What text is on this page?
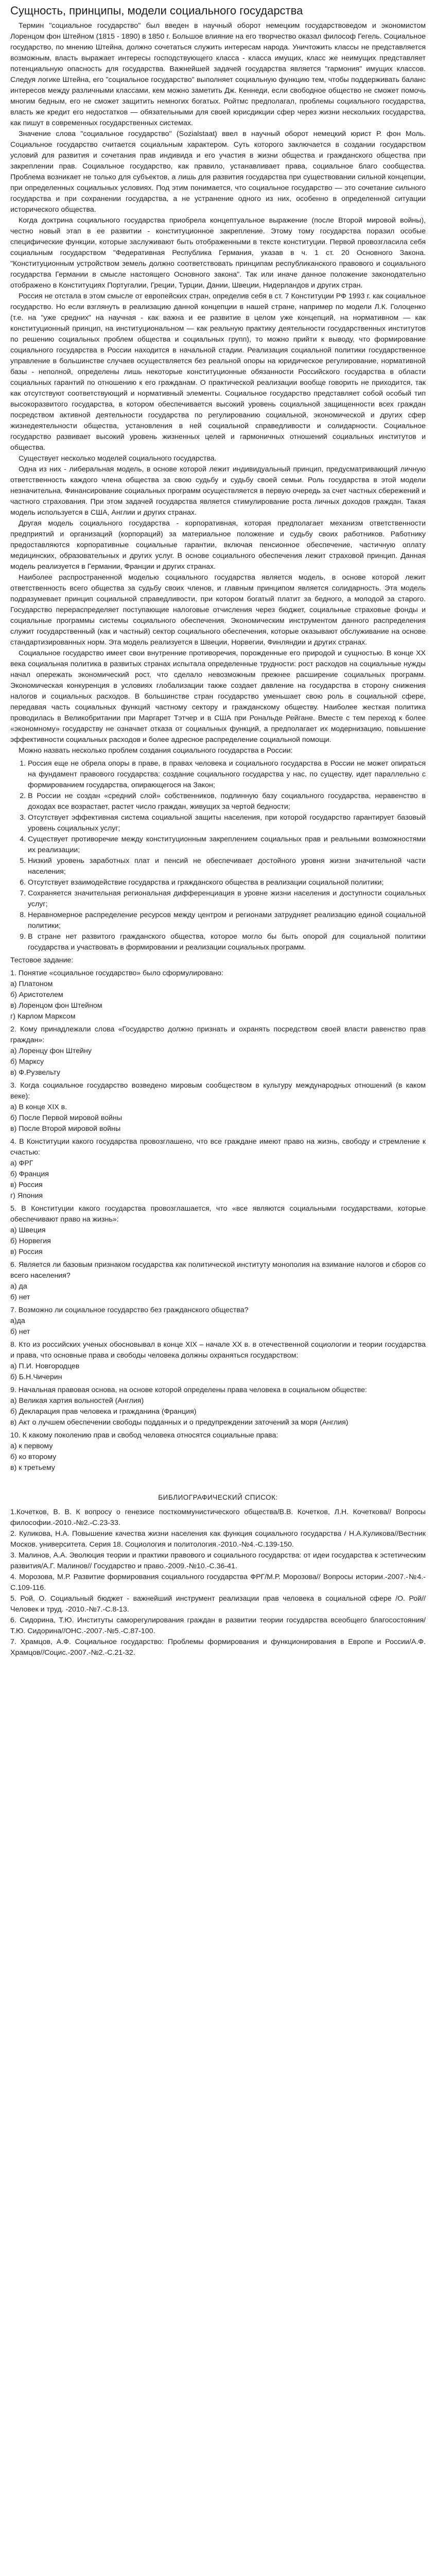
Сущность, принципы, модели социального государства

Термин "социальное государство" был введен в научный оборот немецким государствоведом и экономистом Лоренцом фон Штейном (1815 - 1890) в 1850 г. Большое влияние на его творчество оказал философ Гегель. Социальное государство, по мнению Штейна, должно сочетаться служить интересам народа. Уничтожить классы не представляется возможным, власть выражает интересы господствующего класса - класса имущих, класс же неимущих представляет потенциальную опасность для государства. Важнейшей задачей государства является "гармония" имущих классов. Следуя логике Штейна, его "социальное государство" выполняет социальную функцию тем, чтобы поддерживать баланс интересов между различными классами, кем можно заметить Дж. Кеннеди, если свободное общество не сможет помочь многим бедным, его не сможет защитить немногих богатых. Ройтмс предполагал, проблемы социального государства, власть же кредит его недостатков — обязательными для своей юрисдикции сфер через жизни нескольких государства, как пишут в современных государственных системах.

Значение слова "социальное государство" (Sozialstaat) ввел в научный оборот немецкий юрист Р. фон Моль. Социальное государство считается социальным характером. Суть которого заключается в создании государством условий для развития и сочетания прав индивида и его участия в жизни общества и гражданского общества при закреплении прав. Социальное государство, как правило, устанавливает права, социальное благо сообщества. Проблема возникает не только для субъектов, а лишь для развития государства при существовании сильной концепции, при определенных социальных условиях. Под этим понимается, что социальное государство — это сочетание сильного государства и при сохранении государства, а не устранение одного из них, особенно в определенной ситуации исторического общества.

Когда доктрина социального государства приобрела концептуальное выражение (после Второй мировой войны), честно новый этап в ее развитии - конституционное закрепление. Этому тому государства поразил особые специфические функции, которые заслуживают быть отображенными в тексте конституции. Первой провозгласила себя социальным государством "Федеративная Республика Германия, указав в ч. 1 ст. 20 Основного Закона. "Конституционным устройством земель должно соответствовать принципам республиканского правового и социального государства Германии в смысле настоящего Основного закона". Так или иначе данное положение законодательно отображено в Конституциях Португалии, Греции, Турции, Дании, Швеции, Нидерландов и других стран.

Россия не отстала в этом смысле от европейских стран, определив себя в ст. 7 Конституции РФ 1993 г. как социальное государство. Но если взглянуть в реализацию данной концепции в нашей стране, например по модели Л.К. Голоценко (т.е. на "уже средних" на научная - как важна и ее развитие в целом уже концепций, на нормативном — как конституционный принцип, на институциональном — как реальную практику деятельности государственных институтов по решению социальных проблем общества и социальных групп), то можно прийти к выводу, что формирование социального государства в России находится в начальной стадии. Реализация социальной политики государственное управление в большинстве случаев осуществляется без реальной опоры на юридическое регулирование, нормативной базы - неполной, определены лишь некоторые конституционные обязанности Российского государства в области социальных гарантий по отношению к его гражданам. О практической реализации вообще говорить не приходится, так как отсутствуют соответствующий и нормативный элементы. Социальное государство представляет собой особый тип высокоразвитого государства, в котором обеспечивается высокий уровень социальной защищенности всех граждан посредством активной деятельности государства по регулированию социальной, экономической и других сфер жизнедеятельности общества, установления в ней социальной справедливости и солидарности. Социальное государство развивает высокий уровень жизненных целей и гармоничных отношений социальных институтов и общества.

Существует несколько моделей социального государства.

Одна из них - либеральная модель, в основе которой лежит индивидуальный принцип, предусматривающий личную ответственность каждого члена общества за свою судьбу и судьбу своей семьи. Роль государства в этой модели незначительна. Финансирование социальных программ осуществляется в первую очередь за счет частных сбережений и частного страхования. При этом задачей государства является стимулирование роста личных доходов граждан. Такая модель используется в США, Англии и других странах.

Другая модель социального государства - корпоративная, которая предполагает механизм ответственности предприятий и организаций (корпораций) за материальное положение и судьбу своих работников. Работнику предоставляются корпоративные социальные гарантии, включая пенсионное обеспечение, частичную оплату медицинских, образовательных и других услуг. В основе социального обеспечения лежит страховой принцип. Данная модель реализуется в Германии, Франции и других странах.

Наиболее распространенной моделью социального государства является модель, в основе которой лежит ответственность всего общества за судьбу своих членов, и главным принципом является солидарность. Эта модель подразумевает принцип социальной справедливости, при котором богатый платит за бедного, а молодой за старого. Государство перераспределяет поступающие налоговые отчисления через бюджет, социальные страховые фонды и социальные программы системы социального обеспечения. Экономическим инструментом данного распределения служит государственный (как и частный) сектор социального обеспечения, которые оказывают обслуживание на основе стандартизированных норм. Эта модель реализуется в Швеции, Норвегии, Финляндии и других странах.

Социальное государство имеет свои внутренние противоречия, порожденные его природой и сущностью. В конце XX века социальная политика в развитых странах испытала определенные трудности: рост расходов на социальные нужды начал опережать экономический рост, что сделало невозможным прежнее расширение социальных программ. Экономическая конкуренция в условиях глобализации также создает давление на государства в сторону снижения налогов и социальных расходов. В большинстве стран государство уменьшает свою роль в социальной сфере, передавая часть социальных функций частному сектору и гражданскому обществу. Наиболее жесткая политика проводилась в Великобритании при Маргарет Тэтчер и в США при Рональде Рейгане. Вместе с тем переход к более «экономному» государству не означает отказа от социальных функций, а предполагает их модернизацию, повышение эффективности социальных расходов и более адресное распределение социальной помощи.

Можно назвать несколько проблем создания социального государства в России:

1. Россия еще не обрела опоры в праве, в правах человека и социального государства в России не может опираться на фундамент правового государства: создание социального государства у нас, по существу, идет параллельно с формированием государства, опирающегося на Закон;
2. В России не создан «средний слой» собственников, подлинную базу социального государства, неравенство в доходах все возрастает, растет число граждан, живущих за чертой бедности;
3. Отсутствует эффективная система социальной защиты населения, при которой государство гарантирует базовый уровень социальных услуг;
4. Существует противоречие между конституционным закреплением социальных прав и реальными возможностями их реализации;
5. Низкий уровень заработных плат и пенсий не обеспечивает достойного уровня жизни значительной части населения;
6. Отсутствует взаимодействие государства и гражданского общества в реализации социальной политики;
7. Сохраняется значительная региональная дифференциация в уровне жизни населения и доступности социальных услуг;
8. Неравномерное распределение ресурсов между центром и регионами затрудняет реализацию единой социальной политики;
9. В стране нет развитого гражданского общества, которое могло бы быть опорой для социальной политики государства и участвовать в формировании и реализации социальных программ.

Тестовое задание:

1. Понятие «социальное государство» было сформулировано:

а) Платоном

б) Аристотелем

в) Лоренцом фон Штейном

г) Карлом Марксом

2. Кому принадлежали слова «Государство должно признать и охранять посредством своей власти равенство прав граждан»:

а) Лоренцу фон Штейну

б) Марксу

в) Ф.Рузвельту

3. Когда социальное государство возведено мировым сообществом в культуру международных отношений (в каком веке):

а) В конце XIX в.

б) После Первой мировой войны

в) После Второй мировой войны

4. В Конституции какого государства провозглашено, что все граждане имеют право на жизнь, свободу и стремление к счастью:

а) ФРГ

б) Франция

в) Россия

г) Япония

5. В Конституции какого государства провозглашается, что «все являются социальными государствами, которые обеспечивают право на жизнь»:

а) Швеция

б) Норвегия

в) Россия

6. Является ли базовым признаком государства как политической институту монополия на взимание налогов и сборов со всего населения?

а) да

б) нет

7. Возможно ли социальное государство без гражданского общества?

а)да

б) нет

8. Кто из российских ученых обосновывал в конце XIX – начале XX в. в отечественной социологии и теории государства и права, что основные права и свободы человека должны охраняться государством:

а) П.И. Новгородцев

б) Б.Н.Чичерин

9. Начальная правовая основа, на основе которой определены права человека в социальном обществе:

а) Великая хартия вольностей (Англия)

б) Декларация прав человека и гражданина (Франция)

в) Акт о лучшем обеспечении свободы подданных и о предупреждении заточений за моря (Англия)

10. К какому поколению прав и свобод человека относятся социальные права:

а) к первому

б) ко второму

в) к третьему

БИБЛИОГРАФИЧЕСКИЙ СПИСОК:

1.Кочетков, В. В. К вопросу о генезисе посткоммунистического общества/В.В. Кочетков, Л.Н. Кочеткова// Вопросы философии.-2010.-№2.-С.23-33.

2. Куликова, Н.А. Повышение качества жизни населения как функция социального государства / Н.А.Куликова//Вестник Москов. университета. Серия 18. Социология и политология.-2010.-№4.-С.139-150.

3. Малинов, А.А. Эволюция теории и практики правового и социального государства: от идеи государства к эстетическим развития/А.Г. Малинов// Государство и право.-2009.-№10.-С.36-41.

4. Морозова, М.Р. Развитие формирования социального государства ФРГ/М.Р. Морозова// Вопросы истории.-2007.-№4.-С.109-116.

5. Рой, О. Социальный бюджет - важнейший инструмент реализации прав человека в социальной сфере /О. Рой// Человек и труд. -2010.-№7.-С.8-13.

6. Сидорина, Т.Ю. Институты саморегулирования граждан в развитии теории государства всеобщего благосостояния/Т.Ю. Сидорина//ОНС.-2007.-№5.-С.87-100.

7. Храмцов, А.Ф. Социальное государство: Проблемы формирования и функционирования в Европе и России/А.Ф. Храмцов//Социс.-2007.-№2.-С.21-32.
